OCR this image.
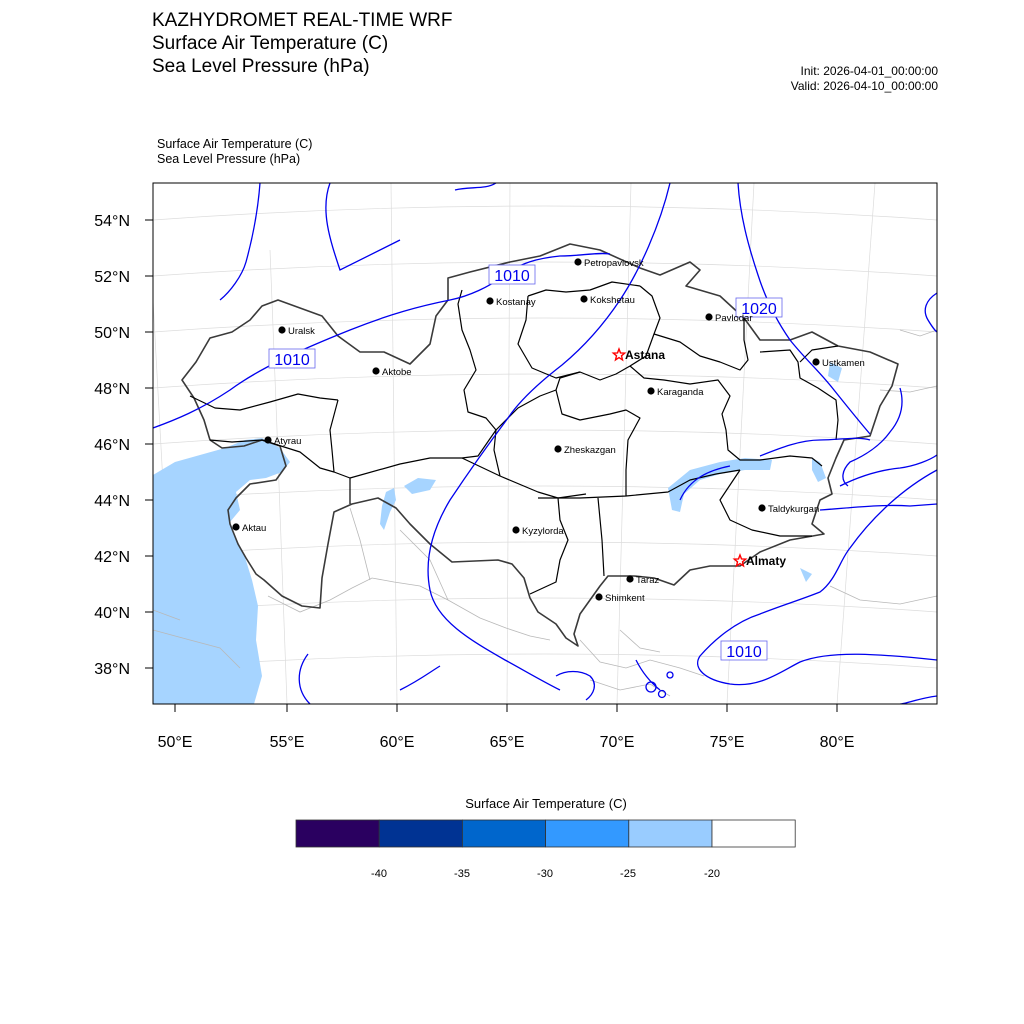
KAZHYDROMET REAL-TIME WRF
Surface Air Temperature (C)
Sea Level Pressure (hPa)	Init: 2026-04-01_00:00:00
Valid: 2026-04-10_00:00:00
Surface Air Temperature (C)
Sea Level Pressure (hPa)
1010
1010
1020
1010
Petropavlovsk
Kostanay	Kokshetau
Pavlodar
Uralsk
Astana
Ustkamen
Aktobe
Karaganda
Atyrau
Zheskazgan
Taldykurgan
Kyzylorda
Aktau
Almaty
Taraz
Shimkent
38°N
40°N
42°N
44°N
46°N
48°N
50°N
52°N
54°N
50°E	55°E	60°E	65°E	70°E	75°E	80°E
-40	-35	-30	-25	-20
Surface Air Temperature (C)
